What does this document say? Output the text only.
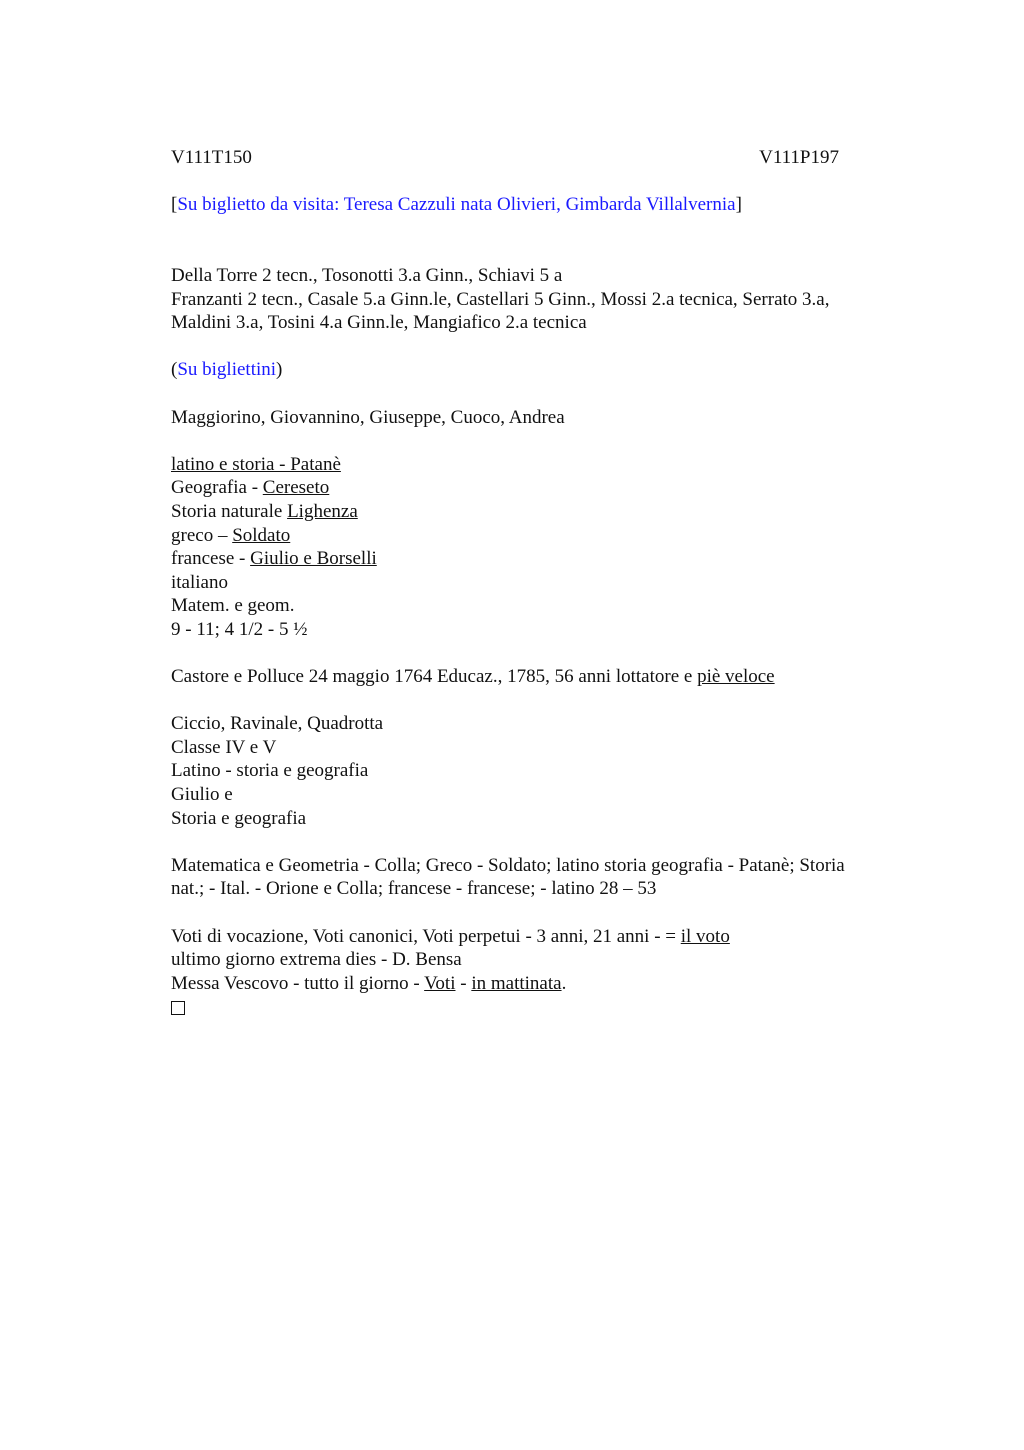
V111T150	V111P197

[Su biglietto da visita: Teresa Cazzuli nata Olivieri, Gimbarda Villalvernia]

Della Torre 2 tecn., Tosonotti 3.a Ginn., Schiavi 5 a
Franzanti 2 tecn., Casale 5.a Ginn.le, Castellari 5 Ginn., Mossi 2.a tecnica, Serrato 3.a,
Maldini 3.a, Tosini 4.a Ginn.le, Mangiafico 2.a tecnica

(Su bigliettini)

Maggiorino, Giovannino, Giuseppe, Cuoco, Andrea

latino e storia - Patanè
Geografia - Cereseto
Storia naturale Lighenza
greco – Soldato
francese - Giulio e Borselli
italiano
Matem. e geom.
9 - 11; 4 1/2 - 5 ½

Castore e Polluce 24 maggio 1764 Educaz., 1785, 56 anni lottatore e piè veloce

Ciccio, Ravinale, Quadrotta
Classe IV e V
Latino - storia e geografia
Giulio e
Storia e geografia
Matematica e Geometria - Colla; Greco - Soldato; latino storia geografia - Patanè; Storia
nat.; - Ital. - Orione e Colla; francese - francese; - latino 28 – 53
Voti di vocazione, Voti canonici, Voti perpetui - 3 anni, 21 anni - = il voto
ultimo giorno extrema dies - D. Bensa
Messa Vescovo - tutto il giorno - Voti - in mattinata.
